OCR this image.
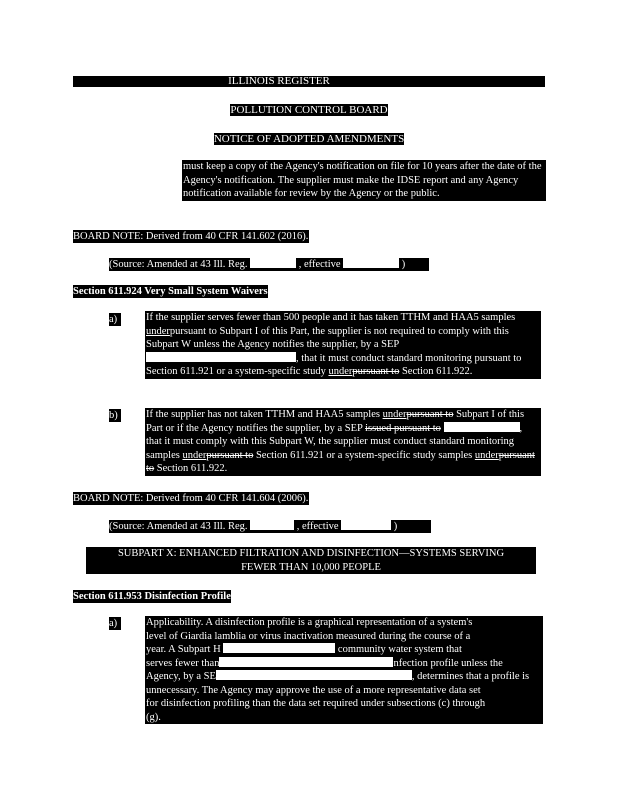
ILLINOIS REGISTER
POLLUTION CONTROL BOARD
NOTICE OF ADOPTED AMENDMENTS

must keep a copy of the Agency's notification on file for 10 years after the date of the Agency's notification. The supplier must make the IDSE report and any Agency notification available for review by the Agency or the public.

BOARD NOTE: Derived from 40 CFR 141.602 (2016).
(Source: Amended at 43 Ill. Reg.	, effective	)
Section 611.924 Very Small System Waivers
a)	If the supplier serves fewer than 500 people and it has taken TTHM and HAA5 samples underpursuant to Subpart I of this Part, the supplier is not required to comply with this Subpart W unless the Agency notifies the supplier, by a SEP , that it must conduct standard monitoring pursuant to Section 611.921 or a system-specific study underpursuant to Section 611.922.

b)	If the supplier has not taken TTHM and HAA5 samples underpursuant to Subpart I of this Part or if the Agency notifies the supplier, by a SEP issued pursuant to	, that it must comply with this Subpart W, the supplier must conduct standard monitoring samples underpursuant to Section 611.921 or a system-specific study samples underpursuant to Section 611.922.

BOARD NOTE: Derived from 40 CFR 141.604 (2006).
(Source: Amended at 43 Ill. Reg.	, effective	)
SUBPART X: ENHANCED FILTRATION AND DISINFECTION—SYSTEMS SERVING
FEWER THAN 10,000 PEOPLE
Section 611.953 Disinfection Profile
a)	Applicability. A disinfection profile is a graphical representation of a system's
level of Giardia lamblia or virus inactivation measured during the course of a
year. A Subpart H	community water system that
serves fewer than	nfection profile unless the
Agency, by a SE	, determines that a profile is
unnecessary. The Agency may approve the use of a more representative data set
for disinfection profiling than the data set required under subsections (c) through
(g).
